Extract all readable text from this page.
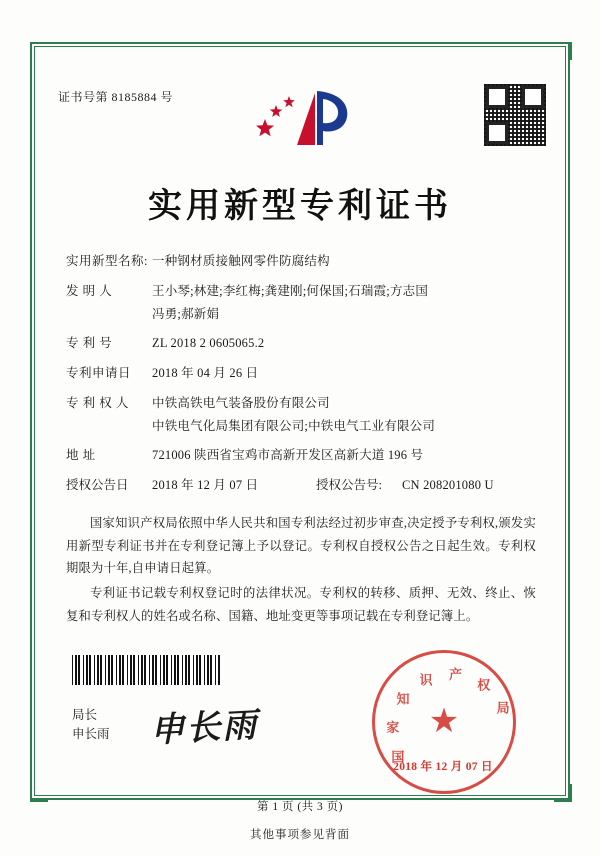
证书号第 8185884 号
实用新型专利证书
实用新型名称: 一种钢材质接触网零件防腐结构
发 明 人	王小琴;林建;李红梅;龚建刚;何保国;石瑞霞;方志国
冯勇;郝新娟
专 利 号	ZL 2018 2 0605065.2
专利申请日	2018 年 04 月 26 日
专 利 权 人	中铁高铁电气装备股份有限公司
中铁电气化局集团有限公司;中铁电气工业有限公司
地 址	721006 陕西省宝鸡市高新开发区高新大道 196 号
授权公告日	2018 年 12 月 07 日	授权公告号:	CN 208201080 U

国家知识产权局依照中华人民共和国专利法经过初步审查,决定授予专利权,颁发实用新型专利证书并在专利登记簿上予以登记。专利权自授权公告之日起生效。专利权期限为十年,自申请日起算。

专利证书记载专利权登记时的法律状况。专利权的转移、质押、无效、终止、恢复和专利权人的姓名或名称、国籍、地址变更等事项记载在专利登记簿上。

局长
申长雨 申长雨
国
家
知
识 产
权
局
★
2018 年 12 月 07 日
第 1 页 (共 3 页)
其他事项参见背面
